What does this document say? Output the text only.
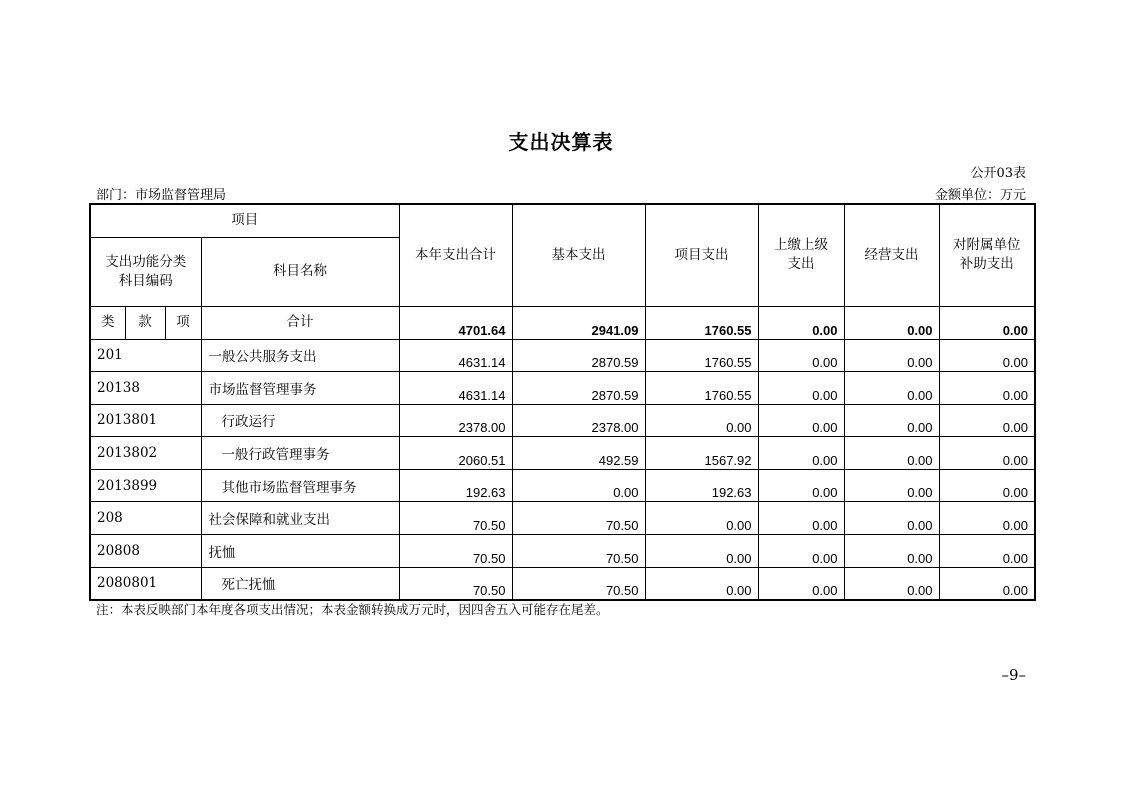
支出决算表
公开03表
部门：市场监督管理局	金额单位：万元
项目				本年支出合计	基本支出	项目支出	上缴上级支出	经营支出	对附属单位补助支出
支出功能分类科目编码			科目名称						
类	款	项	合计	4701.64	2941.09	1760.55	0.00	0.00	0.00
201			一般公共服务支出	4631.14	2870.59	1760.55	0.00	0.00	0.00
20138			市场监督管理事务	4631.14	2870.59	1760.55	0.00	0.00	0.00
2013801			行政运行	2378.00	2378.00	0.00	0.00	0.00	0.00
2013802			一般行政管理事务	2060.51	492.59	1567.92	0.00	0.00	0.00
2013899			其他市场监督管理事务	192.63	0.00	192.63	0.00	0.00	0.00
208			社会保障和就业支出	70.50	70.50	0.00	0.00	0.00	0.00
20808			抚恤	70.50	70.50	0.00	0.00	0.00	0.00
2080801			死亡抚恤	70.50	70.50	0.00	0.00	0.00	0.00
注：本表反映部门本年度各项支出情况；本表金额转换成万元时，因四舍五入可能存在尾差。
–9–
